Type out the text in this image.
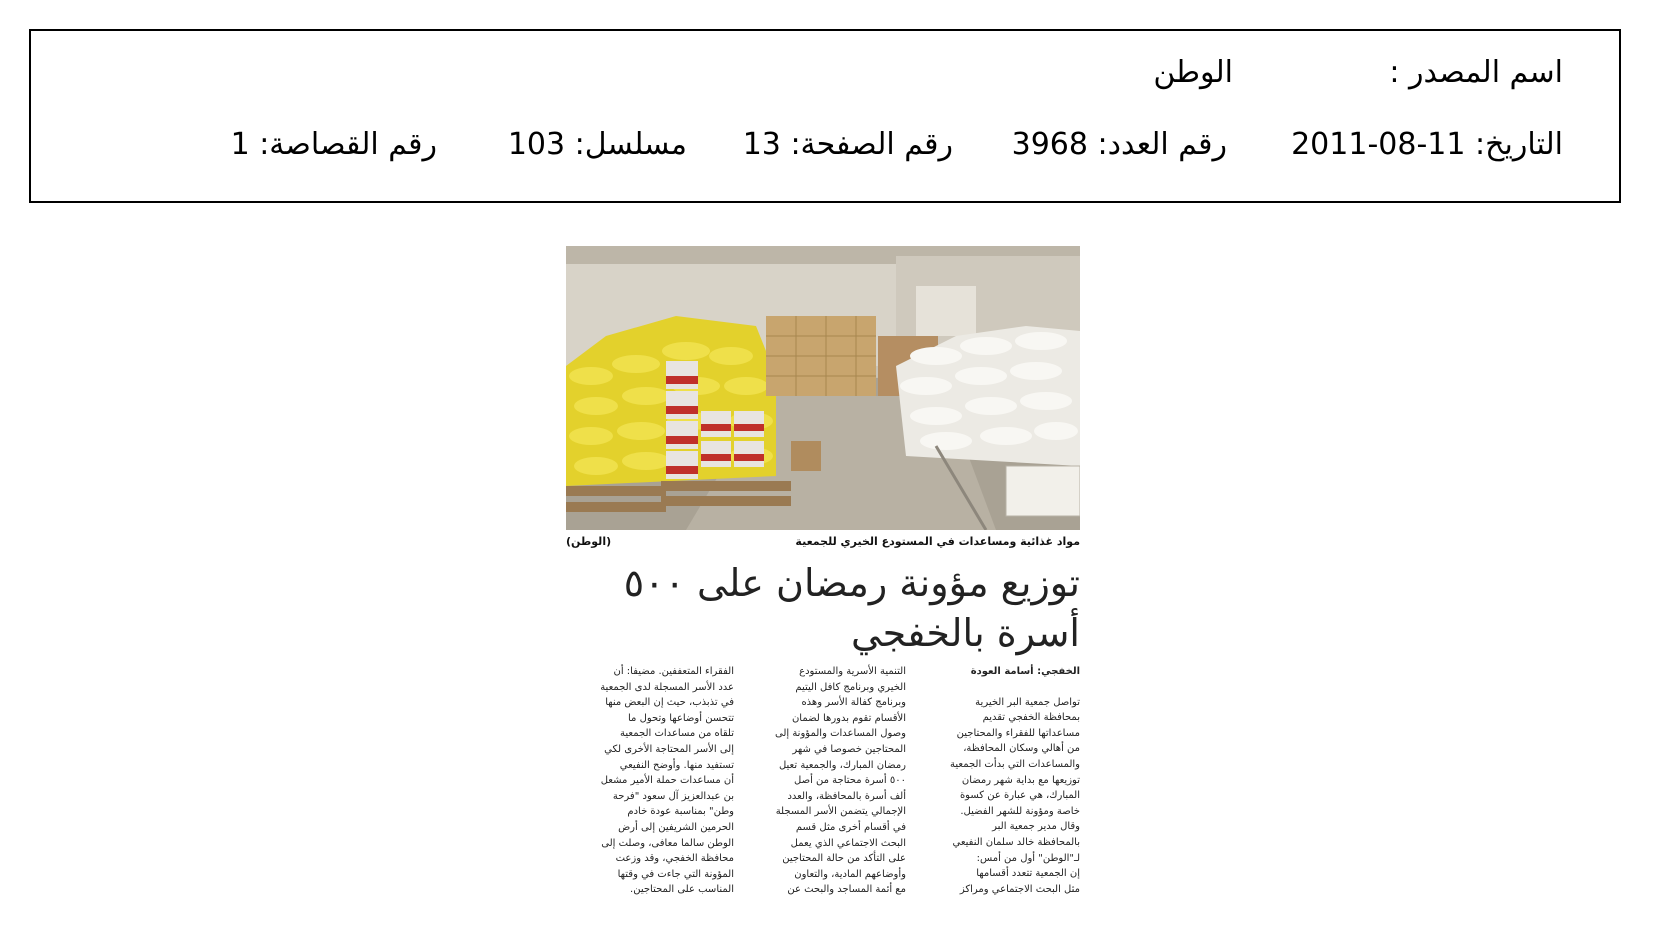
اسم المصدر :
الوطن
التاريخ: 11-08-2011
رقم العدد: 3968
رقم الصفحة: 13
مسلسل: 103
رقم القصاصة: 1
مواد غذائية ومساعدات في المستودع الخيري للجمعية
(الوطن)
توزيع مؤونة رمضان على ٥٠٠
أسرة بالخفجي
الخفجي: أسامة العودة
تواصل جمعية البر الخيرية
بمحافظة الخفجي تقديم
مساعداتها للفقراء والمحتاجين
من أهالي وسكان المحافظة،
والمساعدات التي بدأت الجمعية
توزيعها مع بداية شهر رمضان
المبارك، هي عبارة عن كسوة
خاصة ومؤونة للشهر الفضيل.
وقال مدير جمعية البر
بالمحافظة خالد سلمان النفيعي
لـ"الوطن" أول من أمس:
إن الجمعية تتعدد أقسامها
مثل البحث الاجتماعي ومراكز
التنمية الأسرية والمستودع
الخيري وبرنامج كافل اليتيم
وبرنامج كفالة الأسر وهذه
الأقسام تقوم بدورها لضمان
وصول المساعدات والمؤونة إلى
المحتاجين خصوصا في شهر
رمضان المبارك، والجمعية تعيل
٥٠٠ أسرة محتاجة من أصل
ألف أسرة بالمحافظة، والعدد
الإجمالي يتضمن الأسر المسجلة
في أقسام أخرى مثل قسم
البحث الاجتماعي الذي يعمل
على التأكد من حالة المحتاجين
وأوضاعهم المادية، والتعاون
مع أئمة المساجد والبحث عن
الفقراء المتعففين. مضيفا: أن
عدد الأسر المسجلة لدى الجمعية
في تذبذب، حيث إن البعض منها
تتحسن أوضاعها وتحول ما
تلقاه من مساعدات الجمعية
إلى الأسر المحتاجة الأخرى لكي
تستفيد منها. وأوضح النفيعي
أن مساعدات حملة الأمير مشعل
بن عبدالعزيز آل سعود "فرحة
وطن" بمناسبة عودة خادم
الحرمين الشريفين إلى أرض
الوطن سالما معافى، وصلت إلى
محافظة الخفجي، وقد وزعت
المؤونة التي جاءت في وقتها
المناسب على المحتاجين.
